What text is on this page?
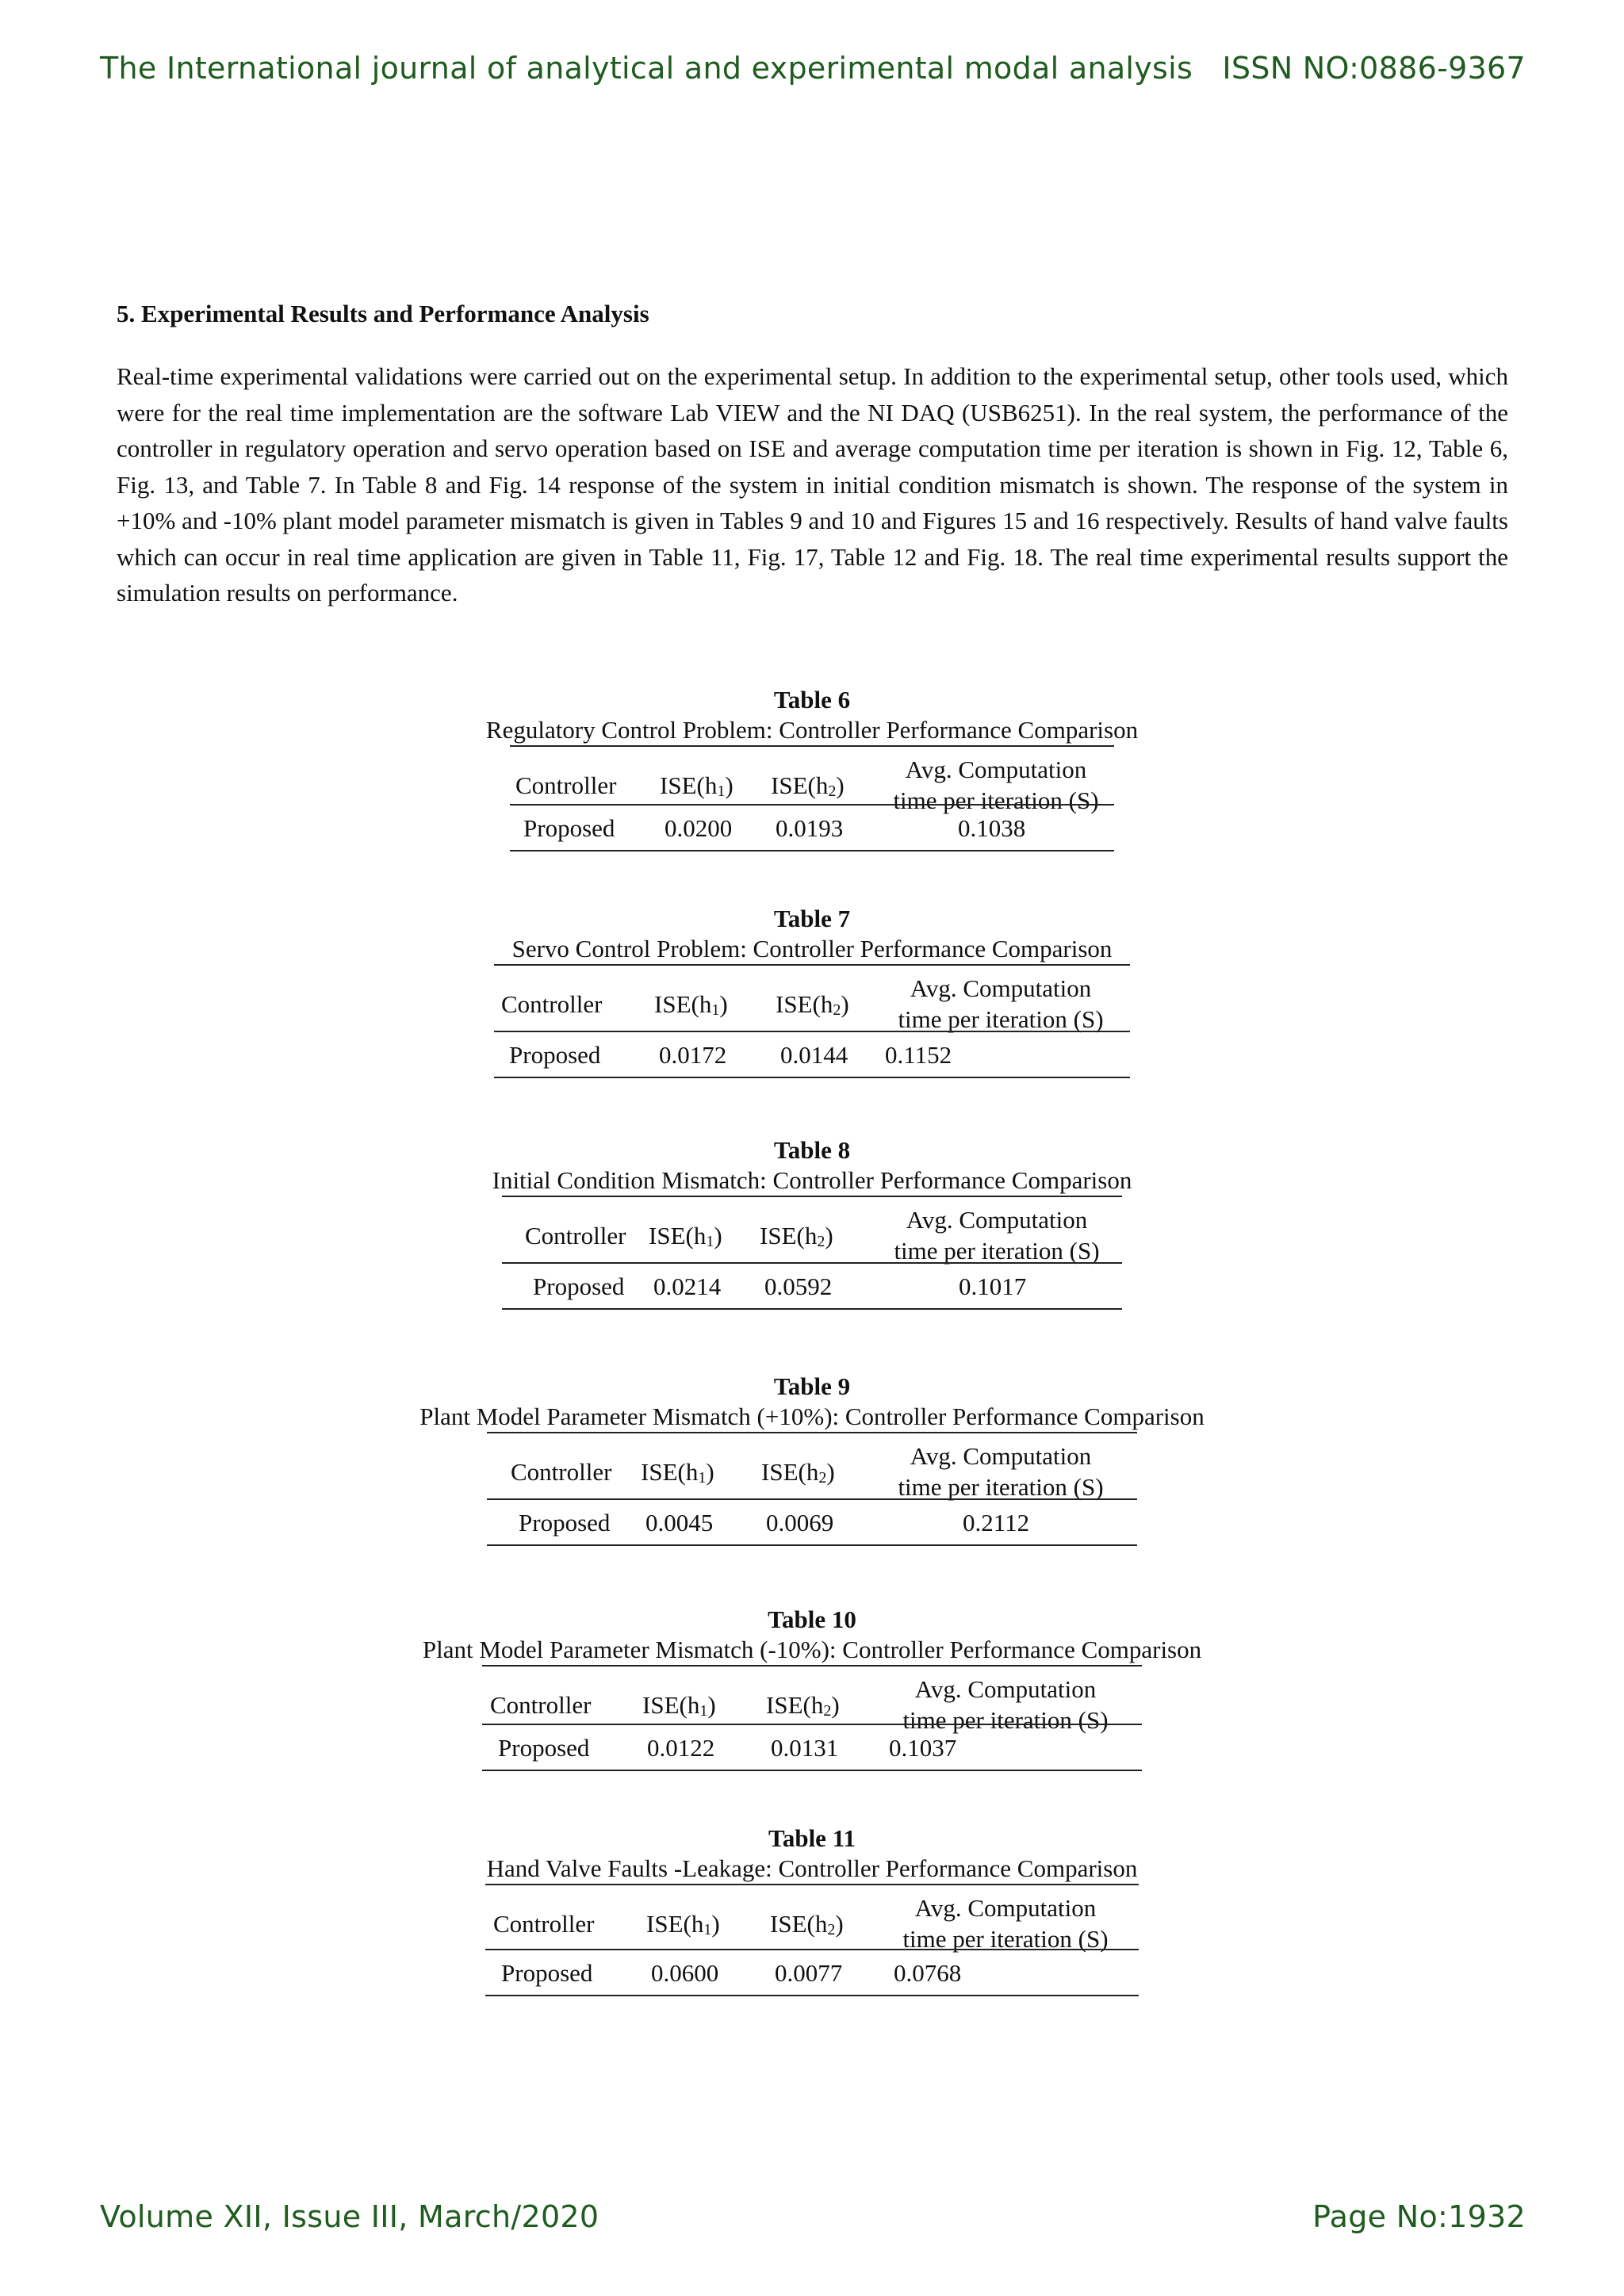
The International journal of analytical and experimental modal analysis ISSN NO:0886-9367
5. Experimental Results and Performance Analysis
Real-time experimental validations were carried out on the experimental setup. In addition to the experimental setup, other tools used, which were for the real time implementation are the software Lab VIEW and the NI DAQ (USB6251). In the real system, the performance of the controller in regulatory operation and servo operation based on ISE and average computation time per iteration is shown in Fig. 12, Table 6, Fig. 13, and Table 7. In Table 8 and Fig. 14 response of the system in initial condition mismatch is shown. The response of the system in +10% and -10% plant model parameter mismatch is given in Tables 9 and 10 and Figures 15 and 16 respectively. Results of hand valve faults which can occur in real time application are given in Table 11, Fig. 17, Table 12 and Fig. 18. The real time experimental results support the simulation results on performance.
Table 6
Regulatory Control Problem: Controller Performance Comparison
Controller $ISE(h_1)$ $ISE(h_2)$
Avg. Computation
time per iteration (S)
Proposed 0.0200 0.0193	0.1038
Table 7
Servo Control Problem: Controller Performance Comparison
Controller $ISE(h_1)$ $ISE(h_2)$
Avg. Computation
time per iteration (S)
Proposed 0.0172 0.0144 0.1152
Table 8
Initial Condition Mismatch: Controller Performance Comparison
Controller $ISE(h_1)$ $ISE(h_2)$
Avg. Computation
time per iteration (S)
Proposed 0.0214 0.0592	0.1017
Table 9
Plant Model Parameter Mismatch (+10%): Controller Performance Comparison
Controller $ISE(h_1)$ $ISE(h_2)$
Avg. Computation
time per iteration (S)
Proposed 0.0045 0.0069	0.2112
Table 10
Plant Model Parameter Mismatch (-10%): Controller Performance Comparison
Controller $ISE(h_1)$ $ISE(h_2)$
Avg. Computation
time per iteration (S)
Proposed 0.0122 0.0131 0.1037
Table 11
Hand Valve Faults -Leakage: Controller Performance Comparison
Controller $ISE(h_1)$ $ISE(h_2)$
Avg. Computation
time per iteration (S)
Proposed 0.0600 0.0077 0.0768
Volume XII, Issue III, March/2020	Page No:1932
